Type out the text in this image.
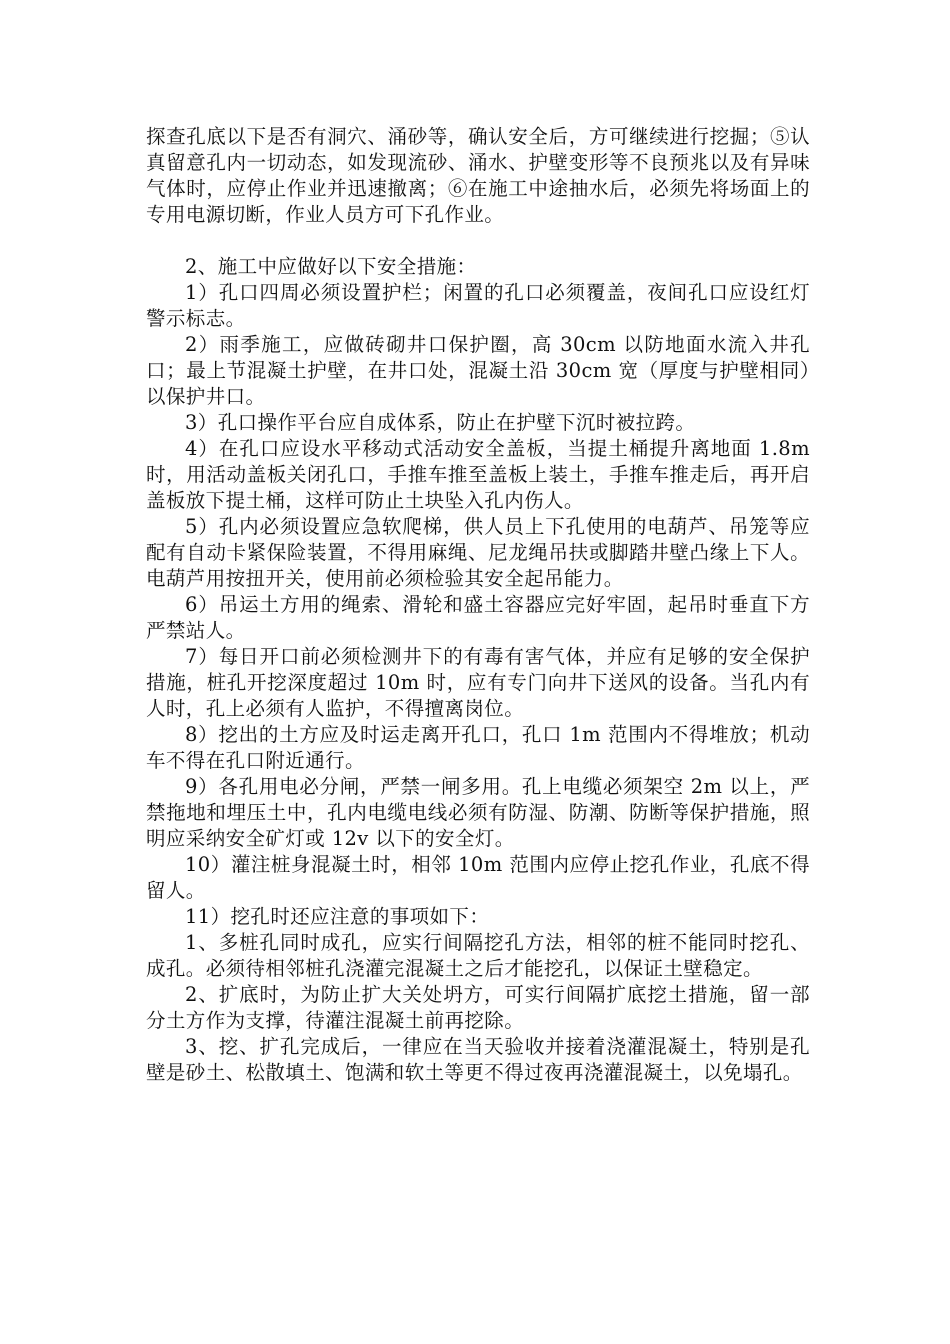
探查孔底以下是否有洞穴、涌砂等，确认安全后，方可继续进行挖掘；⑤认真留意孔内一切动态，如发现流砂、涌水、护壁变形等不良预兆以及有异味气体时，应停止作业并迅速撤离；⑥在施工中途抽水后，必须先将场面上的专用电源切断，作业人员方可下孔作业。

2、施工中应做好以下安全措施：

1）孔口四周必须设置护栏；闲置的孔口必须覆盖，夜间孔口应设红灯警示标志。

2）雨季施工，应做砖砌井口保护圈，高 30cm 以防地面水流入井孔口；最上节混凝土护壁，在井口处，混凝土沿 30cm 宽（厚度与护壁相同）以保护井口。

3）孔口操作平台应自成体系，防止在护壁下沉时被拉跨。

4）在孔口应设水平移动式活动安全盖板，当提土桶提升离地面 1.8m 时，用活动盖板关闭孔口，手推车推至盖板上装土，手推车推走后，再开启盖板放下提土桶，这样可防止土块坠入孔内伤人。

5）孔内必须设置应急软爬梯，供人员上下孔使用的电葫芦、吊笼等应配有自动卡紧保险装置，不得用麻绳、尼龙绳吊扶或脚踏井壁凸缘上下人。电葫芦用按扭开关，使用前必须检验其安全起吊能力。

6）吊运土方用的绳索、滑轮和盛土容器应完好牢固，起吊时垂直下方严禁站人。

7）每日开口前必须检测井下的有毒有害气体，并应有足够的安全保护措施，桩孔开挖深度超过 10m 时，应有专门向井下送风的设备。当孔内有人时，孔上必须有人监护，不得擅离岗位。

8）挖出的土方应及时运走离开孔口，孔口 1m 范围内不得堆放；机动车不得在孔口附近通行。

9）各孔用电必分闸，严禁一闸多用。孔上电缆必须架空 2m 以上，严禁拖地和埋压土中，孔内电缆电线必须有防湿、防潮、防断等保护措施，照明应采纳安全矿灯或 12v 以下的安全灯。

10）灌注桩身混凝土时，相邻 10m 范围内应停止挖孔作业，孔底不得留人。

11）挖孔时还应注意的事项如下：

1、多桩孔同时成孔，应实行间隔挖孔方法，相邻的桩不能同时挖孔、成孔。必须待相邻桩孔浇灌完混凝土之后才能挖孔，以保证土壁稳定。

2、扩底时，为防止扩大关处坍方，可实行间隔扩底挖土措施，留一部分土方作为支撑，待灌注混凝土前再挖除。

3、挖、扩孔完成后，一律应在当天验收并接着浇灌混凝土，特别是孔壁是砂土、松散填土、饱满和软土等更不得过夜再浇灌混凝土，以免塌孔。
